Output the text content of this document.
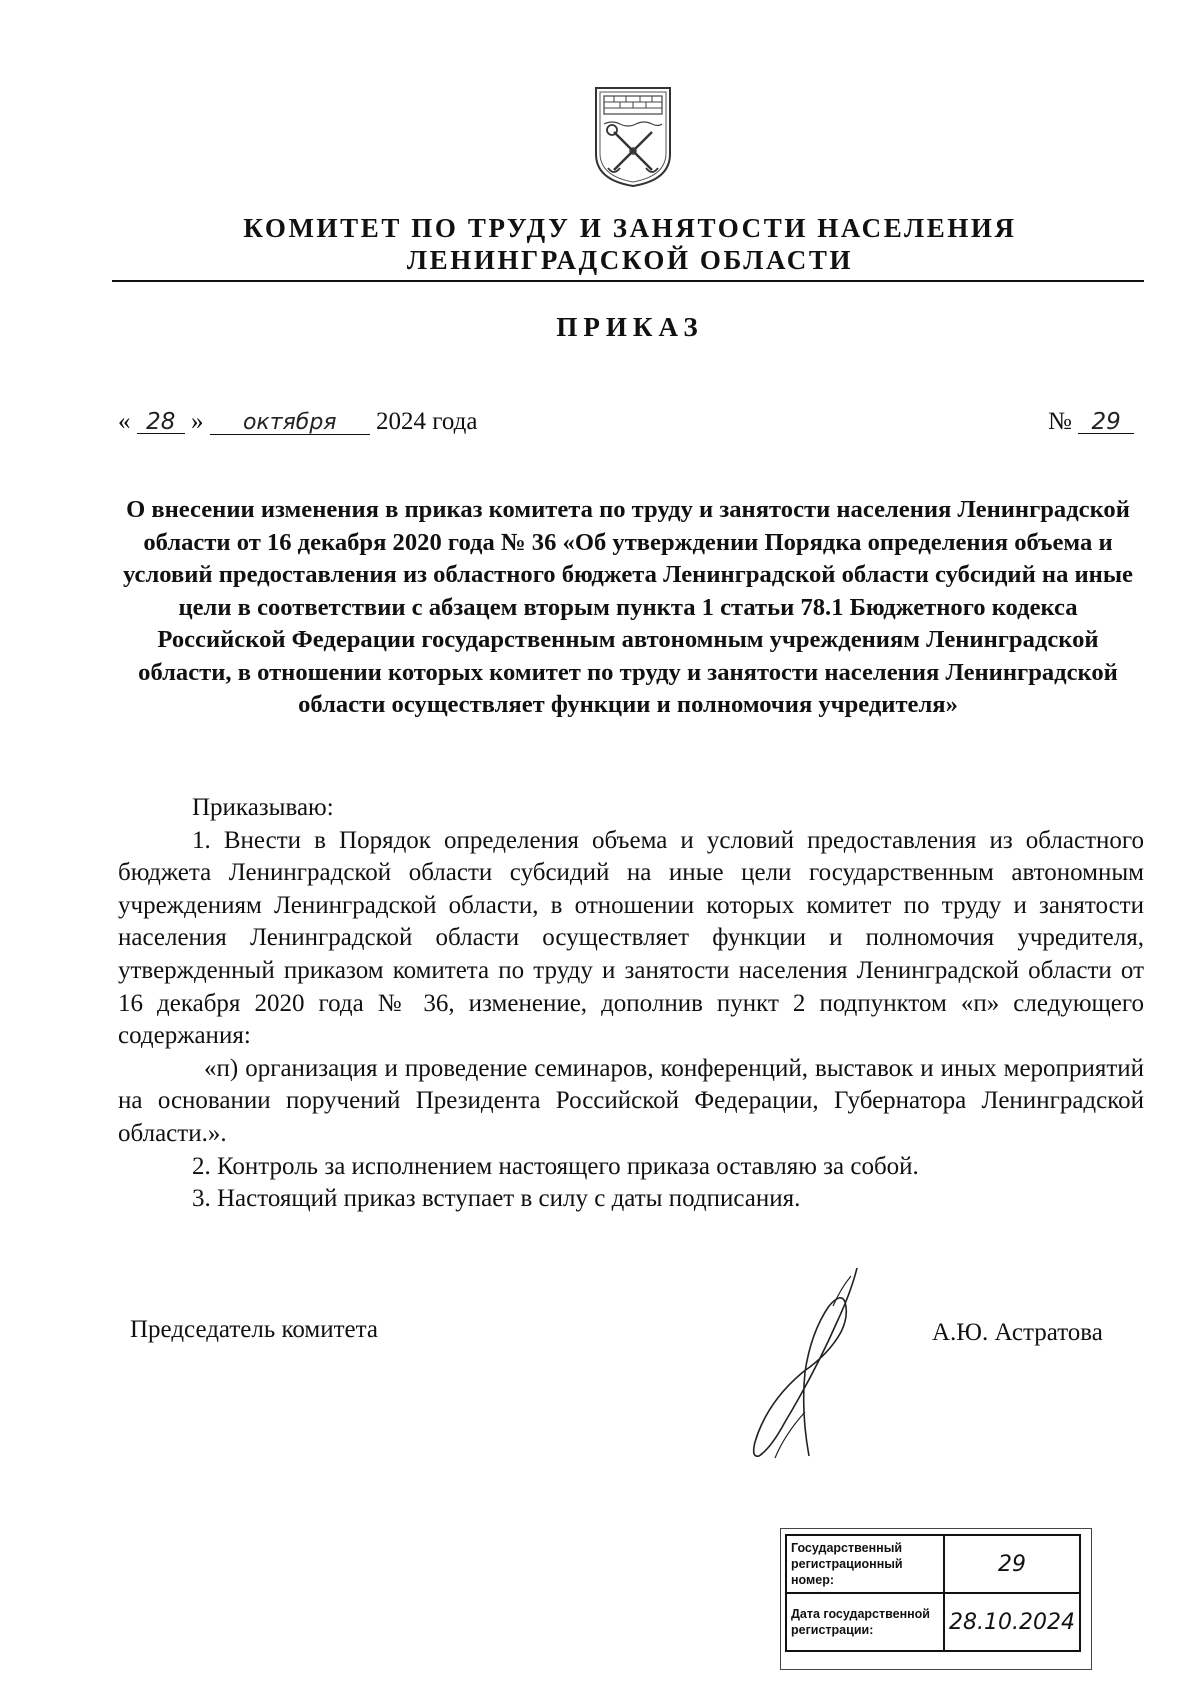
КОМИТЕТ ПО ТРУДУ И ЗАНЯТОСТИ НАСЕЛЕНИЯ
ЛЕНИНГРАДСКОЙ ОБЛАСТИ
ПРИКАЗ
« 28 » октября 2024 года	№ 29
О внесении изменения в приказ комитета по труду и занятости населения Ленинградской области от 16 декабря 2020 года № 36 «Об утверждении Порядка определения объема и условий предоставления из областного бюджета Ленинградской области субсидий на иные цели в соответствии с абзацем вторым пункта 1 статьи 78.1 Бюджетного кодекса Российской Федерации государственным автономным учреждениям Ленинградской области, в отношении которых комитет по труду и занятости населения Ленинградской области осуществляет функции и полномочия учредителя»

Приказываю:

1. Внести в Порядок определения объема и условий предоставления из областного бюджета Ленинградской области субсидий на иные цели государственным автономным учреждениям Ленинградской области, в отношении которых комитет по труду и занятости населения Ленинградской области осуществляет функции и полномочия учредителя, утвержденный приказом комитета по труду и занятости населения Ленинградской области от 16 декабря 2020 года № 36, изменение, дополнив пункт 2 подпунктом «п» следующего содержания:

«п) организация и проведение семинаров, конференций, выставок и иных мероприятий на основании поручений Президента Российской Федерации, Губернатора Ленинградской области.».

2. Контроль за исполнением настоящего приказа оставляю за собой.

3. Настоящий приказ вступает в силу с даты подписания.

Председатель комитета	А.Ю. Астратова
Государственный регистрационный номер:	29
Дата государственной регистрации:	28.10.2024
